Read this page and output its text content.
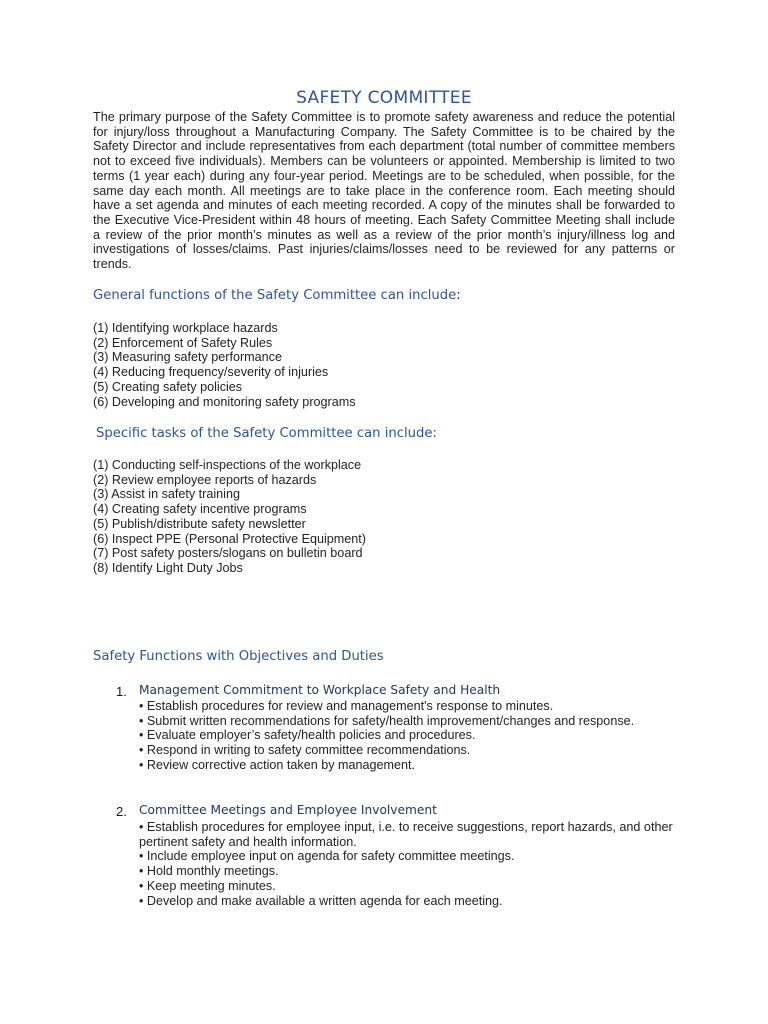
SAFETY COMMITTEE
The primary purpose of the Safety Committee is to promote safety awareness and reduce the potential for injury/loss throughout a Manufacturing Company. The Safety Committee is to be chaired by the Safety Director and include representatives from each department (total number of committee members not to exceed five individuals). Members can be volunteers or appointed. Membership is limited to two terms (1 year each) during any four-year period. Meetings are to be scheduled, when possible, for the same day each month. All meetings are to take place in the conference room. Each meeting should have a set agenda and minutes of each meeting recorded. A copy of the minutes shall be forwarded to the Executive Vice-President within 48 hours of meeting. Each Safety Committee Meeting shall include a review of the prior month’s minutes as well as a review of the prior month’s injury/illness log and investigations of losses/claims. Past injuries/claims/losses need to be reviewed for any patterns or trends.
General functions of the Safety Committee can include:
(1) Identifying workplace hazards
(2) Enforcement of Safety Rules
(3) Measuring safety performance
(4) Reducing frequency/severity of injuries
(5) Creating safety policies
(6) Developing and monitoring safety programs
Specific tasks of the Safety Committee can include:
(1) Conducting self-inspections of the workplace
(2) Review employee reports of hazards
(3) Assist in safety training
(4) Creating safety incentive programs
(5) Publish/distribute safety newsletter
(6) Inspect PPE (Personal Protective Equipment)
(7) Post safety posters/slogans on bulletin board
(8) Identify Light Duty Jobs
Safety Functions with Objectives and Duties
1. Management Commitment to Workplace Safety and Health
• Establish procedures for review and management's response to minutes.
• Submit written recommendations for safety/health improvement/changes and response.
• Evaluate employer’s safety/health policies and procedures.
• Respond in writing to safety committee recommendations.
• Review corrective action taken by management.
2. Committee Meetings and Employee Involvement
• Establish procedures for employee input, i.e. to receive suggestions, report hazards, and other pertinent safety and health information.
• Include employee input on agenda for safety committee meetings.
• Hold monthly meetings.
• Keep meeting minutes.
• Develop and make available a written agenda for each meeting.
